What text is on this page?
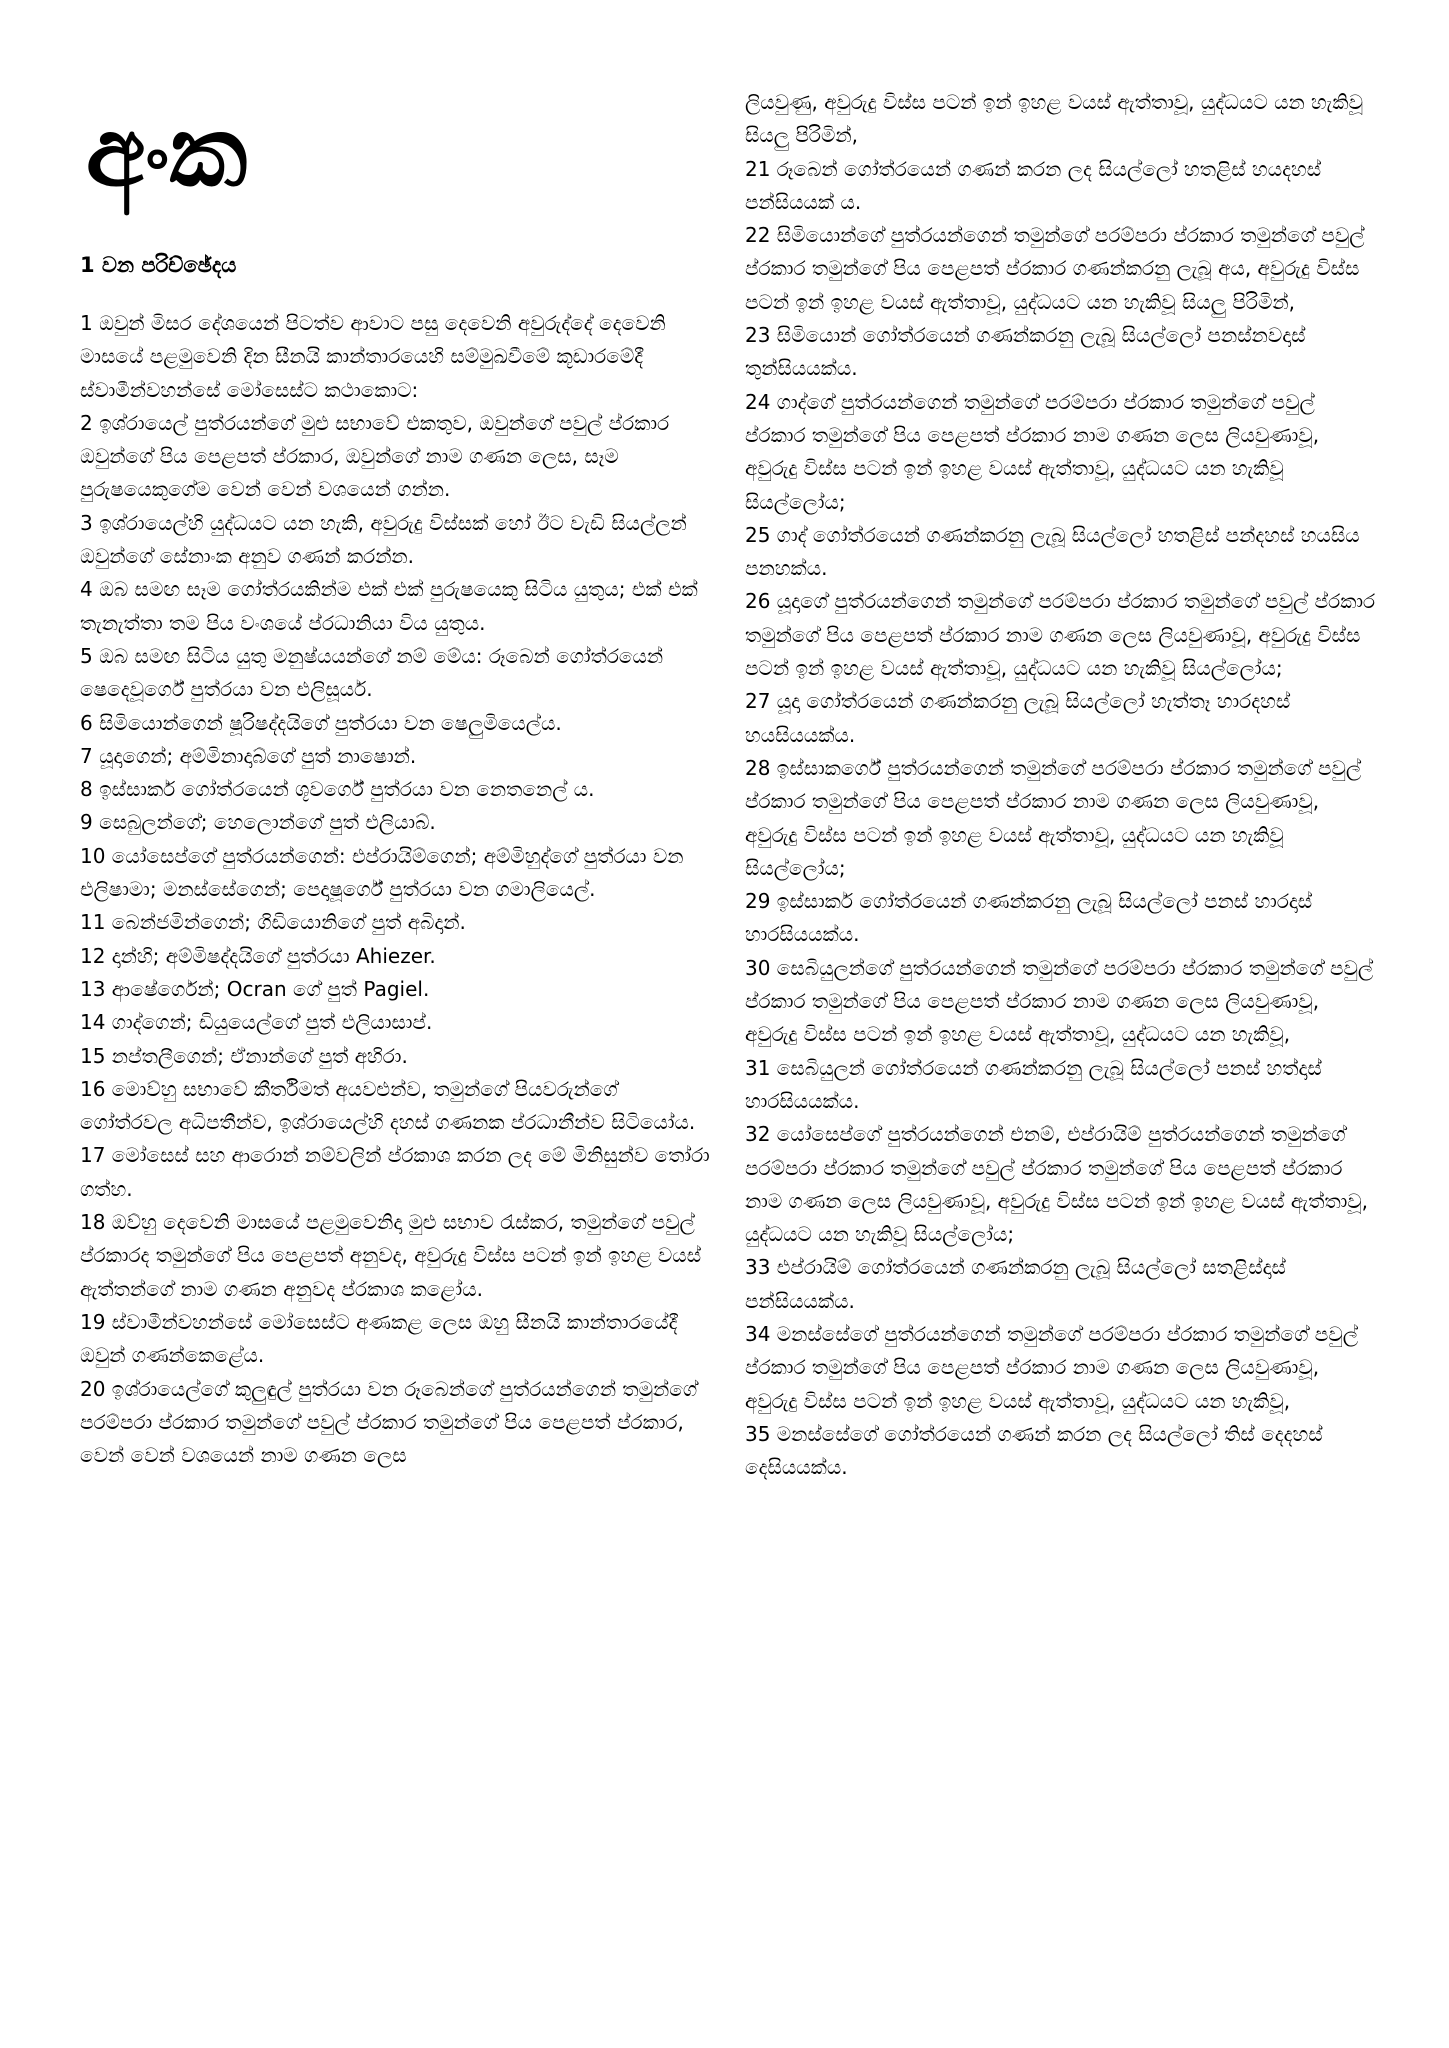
අංක
1 වන පරිච්ඡේදය

1 ඔවුන් මිසර දේශයෙන් පිටත්ව ආවාට පසු දෙවෙනි අවුරුද්දේ දෙවෙනි මාසයේ පළමුවෙනි දින සීනයි කාන්තාරයෙහි සම්මුඛවීමේ කූඩාරමේදී ස්වාමීන්වහන්සේ මෝසෙස්ට කථාකොට:

2 ඉශ්රායෙල් පුත්රයන්ගේ මුළු සභාවේ එකතුව, ඔවුන්ගේ පවුල් ප්රකාර ඔවුන්ගේ පිය පෙළපත් ප්රකාර, ඔවුන්ගේ නාම ගණන ලෙස, සෑම පුරුෂයෙකුගේම වෙන් වෙන් වශයෙන් ගන්න.

3 ඉශ්රායෙල්හි යුද්ධයට යන හැකි, අවුරුදු විස්සක් හෝ ඊට වැඩි සියල්ලන් ඔවුන්ගේ සේනාංක අනුව ගණන් කරන්න.

4 ඔබ සමඟ සෑම ගෝත්රයකින්ම එක් එක් පුරුෂයෙකු සිටිය යුතුය; එක් එක් තැනැත්තා තම පිය වංශයේ ප්රධානියා විය යුතුය.

5 ඔබ සමඟ සිටිය යුතු මනුෂ්යයන්ගේ නම් මේය: රූබෙන් ගෝත්රයෙන් ෂෙදෙවූර්ගේ පුත්රයා වන එලිසූර්ය.

6 සිමියොන්ගෙන් ෂූරිෂද්දයිගේ පුත්රයා වන ෂෙලුමියෙල්ය.

7 යූදාගෙන්; අම්මිනාදාබ්ගේ පුත් නාෂොන්.

8 ඉස්සාකර් ගෝත්රයෙන් ශූවර්ගේ පුත්රයා වන නෙතනෙල් ය.

9 සෙබුලන්ගේ; හෙලොන්ගේ පුත් එලියාබ්.

10 යෝසෙප්ගේ පුත්රයන්ගෙන්: එප්රායිම්ගෙන්; අම්මිහුද්ගේ පුත්රයා වන එලිෂාමා; මනස්සේගෙන්; පෙදාෂූර්ගේ පුත්රයා වන ගමාලියෙල්.

11 බෙන්ජමින්ගෙන්; ගිඩියොනිගේ පුත් අබිදාන්.

12 දාන්හි; අම්මිෂද්දයිගේ පුත්රයා Ahiezer.

13 ආෂේර්ගෙන්; Ocran ගේ පුත් Pagiel.

14 ගාද්ගෙන්; ඩියුයෙල්ගේ පුත් එලියාසාප්.

15 නප්තලීගෙන්; ඒනාන්ගේ පුත් අහිරා.

16 මොව්හු සභාවේ කීර්තිමත් අයවළුන්ව, තමුන්ගේ පියවරුන්ගේ ගෝත්රවල අධිපතීන්ව, ඉශ්රායෙල්හි දහස් ගණනක ප්රධානීන්ව සිටියෝය.

17 මෝසෙස් සහ ආරොන් නම්වලින් ප්රකාශ කරන ලද මේ මිනිසුන්ව තෝරා ගත්හ.

18 ඔව්හු දෙවෙනි මාසයේ පළමුවෙනිදා මුළු සභාව රැස්කර, තමුන්ගේ පවුල් ප්රකාරද තමුන්ගේ පිය පෙළපත් අනුවද, අවුරුදු විස්ස පටන් ඉන් ඉහළ වයස් ඇත්තන්ගේ නාම ගණන අනුවද ප්රකාශ කළෝය.

19 ස්වාමීන්වහන්සේ මෝසෙස්ට අණකළ ලෙස ඔහු සීනයි කාන්තාරයේදී ඔවුන් ගණන්කෙළේය.

20 ඉශ්රායෙල්ගේ කුලුඳුල් පුත්රයා වන රූබෙන්ගේ පුත්රයන්ගෙන් තමුන්ගේ පරම්පරා ප්රකාර තමුන්ගේ පවුල් ප්රකාර තමුන්ගේ පිය පෙළපත් ප්රකාර, වෙන් වෙන් වශයෙන් නාම ගණන ලෙස

ලියවුණු, අවුරුදු විස්ස පටන් ඉන් ඉහළ වයස් ඇත්තාවූ, යුද්ධයට යන හැකිවූ සියලු පිරිමින්,

21 රූබෙන් ගෝත්රයෙන් ගණන් කරන ලද සියල්ලෝ හතළිස් හයදහස් පන්සියයක් ය.

22 සිමියොන්ගේ පුත්රයන්ගෙන් තමුන්ගේ පරම්පරා ප්රකාර තමුන්ගේ පවුල් ප්රකාර තමුන්ගේ පිය පෙළපත් ප්රකාර ගණන්කරනු ලැබූ අය, අවුරුදු විස්ස පටන් ඉන් ඉහළ වයස් ඇත්තාවූ, යුද්ධයට යන හැකිවූ සියලු පිරිමින්,

23 සිමියොන් ගෝත්රයෙන් ගණන්කරනු ලැබූ සියල්ලෝ පනස්නවදාස් තුන්සියයක්ය.

24 ගාද්ගේ පුත්රයන්ගෙන් තමුන්ගේ පරම්පරා ප්රකාර තමුන්ගේ පවුල් ප්රකාර තමුන්ගේ පිය පෙළපත් ප්රකාර නාම ගණන ලෙස ලියවුණාවූ, අවුරුදු විස්ස පටන් ඉන් ඉහළ වයස් ඇත්තාවූ, යුද්ධයට යන හැකිවූ සියල්ලෝය;

25 ගාද් ගෝත්රයෙන් ගණන්කරනු ලැබූ සියල්ලෝ හතළිස් පන්දහස් හයසිය පනහක්ය.

26 යූදාගේ පුත්රයන්ගෙන් තමුන්ගේ පරම්පරා ප්රකාර තමුන්ගේ පවුල් ප්රකාර තමුන්ගේ පිය පෙළපත් ප්රකාර නාම ගණන ලෙස ලියවුණාවූ, අවුරුදු විස්ස පටන් ඉන් ඉහළ වයස් ඇත්තාවූ, යුද්ධයට යන හැකිවූ සියල්ලෝය;

27 යූදා ගෝත්රයෙන් ගණන්කරනු ලැබූ සියල්ලෝ හැත්තෑ හාරදහස් හයසියයක්ය.

28 ඉස්සාකර්ගේ පුත්රයන්ගෙන් තමුන්ගේ පරම්පරා ප්රකාර තමුන්ගේ පවුල් ප්රකාර තමුන්ගේ පිය පෙළපත් ප්රකාර නාම ගණන ලෙස ලියවුණාවූ, අවුරුදු විස්ස පටන් ඉන් ඉහළ වයස් ඇත්තාවූ, යුද්ධයට යන හැකිවූ සියල්ලෝය;

29 ඉස්සාකර් ගෝත්රයෙන් ගණන්කරනු ලැබූ සියල්ලෝ පනස් හාරදාස් හාරසියයක්ය.

30 සෙබියුලන්ගේ පුත්රයන්ගෙන් තමුන්ගේ පරම්පරා ප්රකාර තමුන්ගේ පවුල් ප්රකාර තමුන්ගේ පිය පෙළපත් ප්රකාර නාම ගණන ලෙස ලියවුණාවූ, අවුරුදු විස්ස පටන් ඉන් ඉහළ වයස් ඇත්තාවූ, යුද්ධයට යන හැකිවූ,

31 සෙබියුලන් ගෝත්රයෙන් ගණන්කරනු ලැබූ සියල්ලෝ පනස් හත්දාස් හාරසියයක්ය.

32 යෝසෙප්ගේ පුත්රයන්ගෙන් එනම්, එප්රායිම් පුත්රයන්ගෙන් තමුන්ගේ පරම්පරා ප්රකාර තමුන්ගේ පවුල් ප්රකාර තමුන්ගේ පිය පෙළපත් ප්රකාර නාම ගණන ලෙස ලියවුණාවූ, අවුරුදු විස්ස පටන් ඉන් ඉහළ වයස් ඇත්තාවූ, යුද්ධයට යන හැකිවූ සියල්ලෝය;

33 එප්රායිම් ගෝත්රයෙන් ගණන්කරනු ලැබූ සියල්ලෝ සතළිස්දාස් පන්සියයක්ය.

34 මනස්සේගේ පුත්රයන්ගෙන් තමුන්ගේ පරම්පරා ප්රකාර තමුන්ගේ පවුල් ප්රකාර තමුන්ගේ පිය පෙළපත් ප්රකාර නාම ගණන ලෙස ලියවුණාවූ, අවුරුදු විස්ස පටන් ඉන් ඉහළ වයස් ඇත්තාවූ, යුද්ධයට යන හැකිවූ,

35 මනස්සේගේ ගෝත්රයෙන් ගණන් කරන ලද සියල්ලෝ තිස් දෙදහස් දෙසියයක්ය.
